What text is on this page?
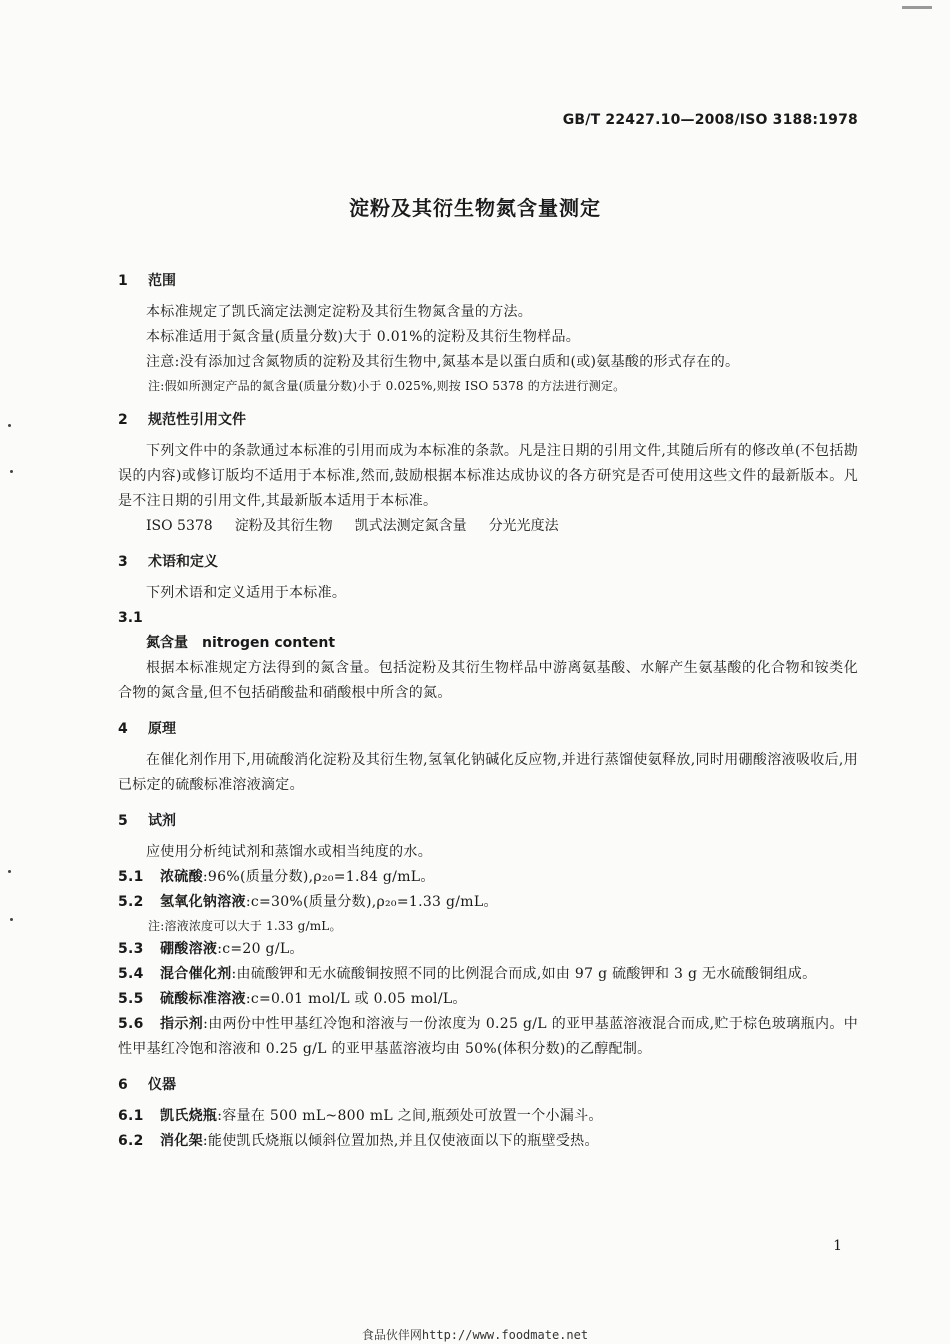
GB/T 22427.10—2008/ISO 3188:1978
淀粉及其衍生物氮含量测定
1 范围

本标准规定了凯氏滴定法测定淀粉及其衍生物氮含量的方法。

本标准适用于氮含量(质量分数)大于 0.01%的淀粉及其衍生物样品。

注意:没有添加过含氮物质的淀粉及其衍生物中,氮基本是以蛋白质和(或)氨基酸的形式存在的。

注:假如所测定产品的氮含量(质量分数)小于 0.025%,则按 ISO 5378 的方法进行测定。

2 规范性引用文件

下列文件中的条款通过本标准的引用而成为本标准的条款。凡是注日期的引用文件,其随后所有的修改单(不包括勘误的内容)或修订版均不适用于本标准,然而,鼓励根据本标准达成协议的各方研究是否可使用这些文件的最新版本。凡是不注日期的引用文件,其最新版本适用于本标准。

ISO 5378 淀粉及其衍生物 凯式法测定氮含量 分光光度法

3 术语和定义

下列术语和定义适用于本标准。

3.1

氮含量 nitrogen content

根据本标准规定方法得到的氮含量。包括淀粉及其衍生物样品中游离氨基酸、水解产生氨基酸的化合物和铵类化合物的氮含量,但不包括硝酸盐和硝酸根中所含的氮。

4 原理

在催化剂作用下,用硫酸消化淀粉及其衍生物,氢氧化钠碱化反应物,并进行蒸馏使氨释放,同时用硼酸溶液吸收后,用已标定的硫酸标准溶液滴定。

5 试剂

应使用分析纯试剂和蒸馏水或相当纯度的水。

5.1 浓硫酸:96%(质量分数),ρ₂₀=1.84 g/mL。

5.2 氢氧化钠溶液:c=30%(质量分数),ρ₂₀=1.33 g/mL。

注:溶液浓度可以大于 1.33 g/mL。

5.3 硼酸溶液:c=20 g/L。

5.4 混合催化剂:由硫酸钾和无水硫酸铜按照不同的比例混合而成,如由 97 g 硫酸钾和 3 g 无水硫酸铜组成。

5.5 硫酸标准溶液:c=0.01 mol/L 或 0.05 mol/L。

5.6 指示剂:由两份中性甲基红冷饱和溶液与一份浓度为 0.25 g/L 的亚甲基蓝溶液混合而成,贮于棕色玻璃瓶内。中性甲基红冷饱和溶液和 0.25 g/L 的亚甲基蓝溶液均由 50%(体积分数)的乙醇配制。

6 仪器

6.1 凯氏烧瓶:容量在 500 mL~800 mL 之间,瓶颈处可放置一个小漏斗。

6.2 消化架:能使凯氏烧瓶以倾斜位置加热,并且仅使液面以下的瓶壁受热。

1
食品伙伴网http://www.foodmate.net
